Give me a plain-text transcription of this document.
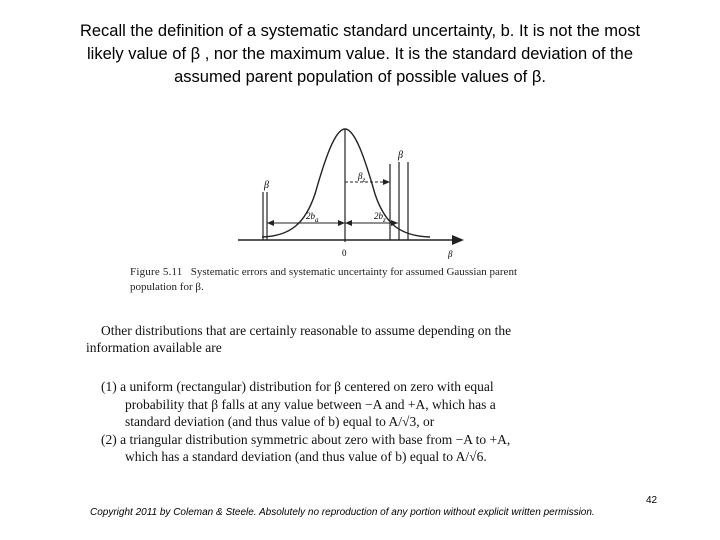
Recall the definition of a systematic standard uncertainty, b. It is not the most
likely value of β , nor the maximum value. It is the standard deviation of the
assumed parent population of possible values of β.
β
β
$\beta_z$
$2b_a$	$2b_z$
0	β
Figure 5.11 Systematic errors and systematic uncertainty for assumed Gaussian parent
population for β.
Other distributions that are certainly reasonable to assume depending on the
information available are
(1) a uniform (rectangular) distribution for β centered on zero with equal
probability that β falls at any value between −A and +A, which has a
standard deviation (and thus value of b) equal to A/√3, or
(2) a triangular distribution symmetric about zero with base from −A to +A,
which has a standard deviation (and thus value of b) equal to A/√6.
42
Copyright 2011 by Coleman & Steele. Absolutely no reproduction of any portion without explicit written permission.
